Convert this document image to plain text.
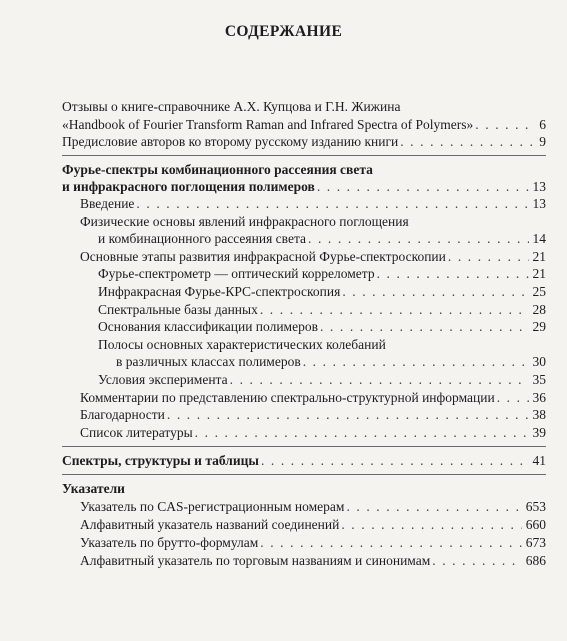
СОДЕРЖАНИЕ
Отзывы о книге-справочнике А.Х. Купцова и Г.Н. Жижина
«Handbook of Fourier Transform Raman and Infrared Spectra of Polymers» . . .	6
Предисловие авторов ко второму русскому изданию книги . . .	9
Фурье-спектры комбинационного рассеяния света
и инфракрасного поглощения полимеров . . .	13
Введение . . .	13
Физические основы явлений инфракрасного поглощения
и комбинационного рассеяния света . . .	14
Основные этапы развития инфракрасной Фурье-спектроскопии . . .	21
Фурье-спектрометр — оптический коррелометр . . .	21
Инфракрасная Фурье-КРС-спектроскопия . . .	25
Спектральные базы данных . . .	28
Основания классификации полимеров . . .	29
Полосы основных характеристических колебаний
в различных классах полимеров . . .	30
Условия эксперимента . . .	35
Комментарии по представлению спектрально-структурной информации . . .	36
Благодарности . . .	38
Список литературы . . .	39
Спектры, структуры и таблицы . . .	41
Указатели
Указатель по CAS-регистрационным номерам . . .	653
Алфавитный указатель названий соединений . . .	660
Указатель по брутто-формулам . . .	673
Алфавитный указатель по торговым названиям и синонимам . . .	686
